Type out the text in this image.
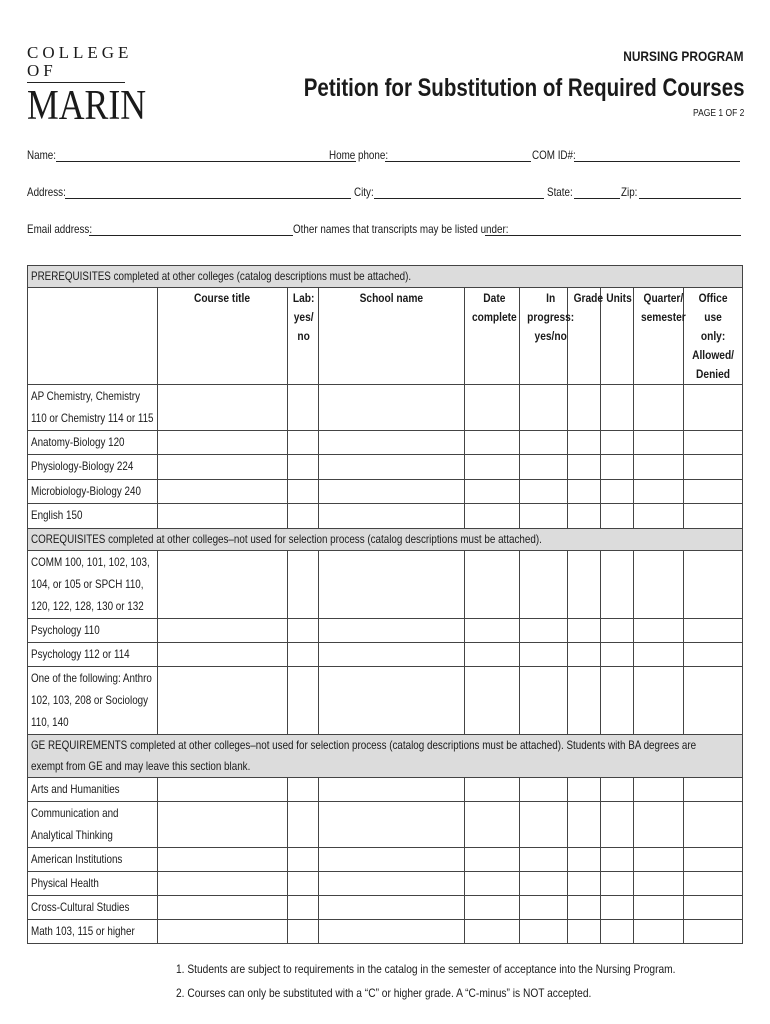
COLLEGE OF
MARIN
NURSING PROGRAM
Petition for Substitution of Required Courses
PAGE 1 OF 2
Name:	Home phone:	COM ID#:
Address:	City:	State:	Zip:
Email address:	Other names that transcripts may be listed under:
PREREQUISITES completed at other colleges (catalog descriptions must be attached).									
	Course title	Lab: yes/ no	School name	Date complete	In progress: yes/no	Grade	Units	Quarter/ semester	Office use only: Allowed/ Denied
AP Chemistry, Chemistry 110 or Chemistry 114 or 115									
Anatomy-Biology 120									
Physiology-Biology 224									
Microbiology-Biology 240									
English 150									
COREQUISITES completed at other colleges–not used for selection process (catalog descriptions must be attached).									
COMM 100, 101, 102, 103, 104, or 105 or SPCH 110, 120, 122, 128, 130 or 132									
Psychology 110									
Psychology 112 or 114									
One of the following: Anthro 102, 103, 208 or Sociology 110, 140									
GE REQUIREMENTS completed at other colleges–not used for selection process (catalog descriptions must be attached). Students with BA degrees are exempt from GE and may leave this section blank.									
Arts and Humanities									
Communication and Analytical Thinking									
American Institutions									
Physical Health									
Cross-Cultural Studies									
Math 103, 115 or higher									
1. Students are subject to requirements in the catalog in the semester of acceptance into the Nursing Program.
2. Courses can only be substituted with a “C” or higher grade. A “C-minus” is NOT accepted.
